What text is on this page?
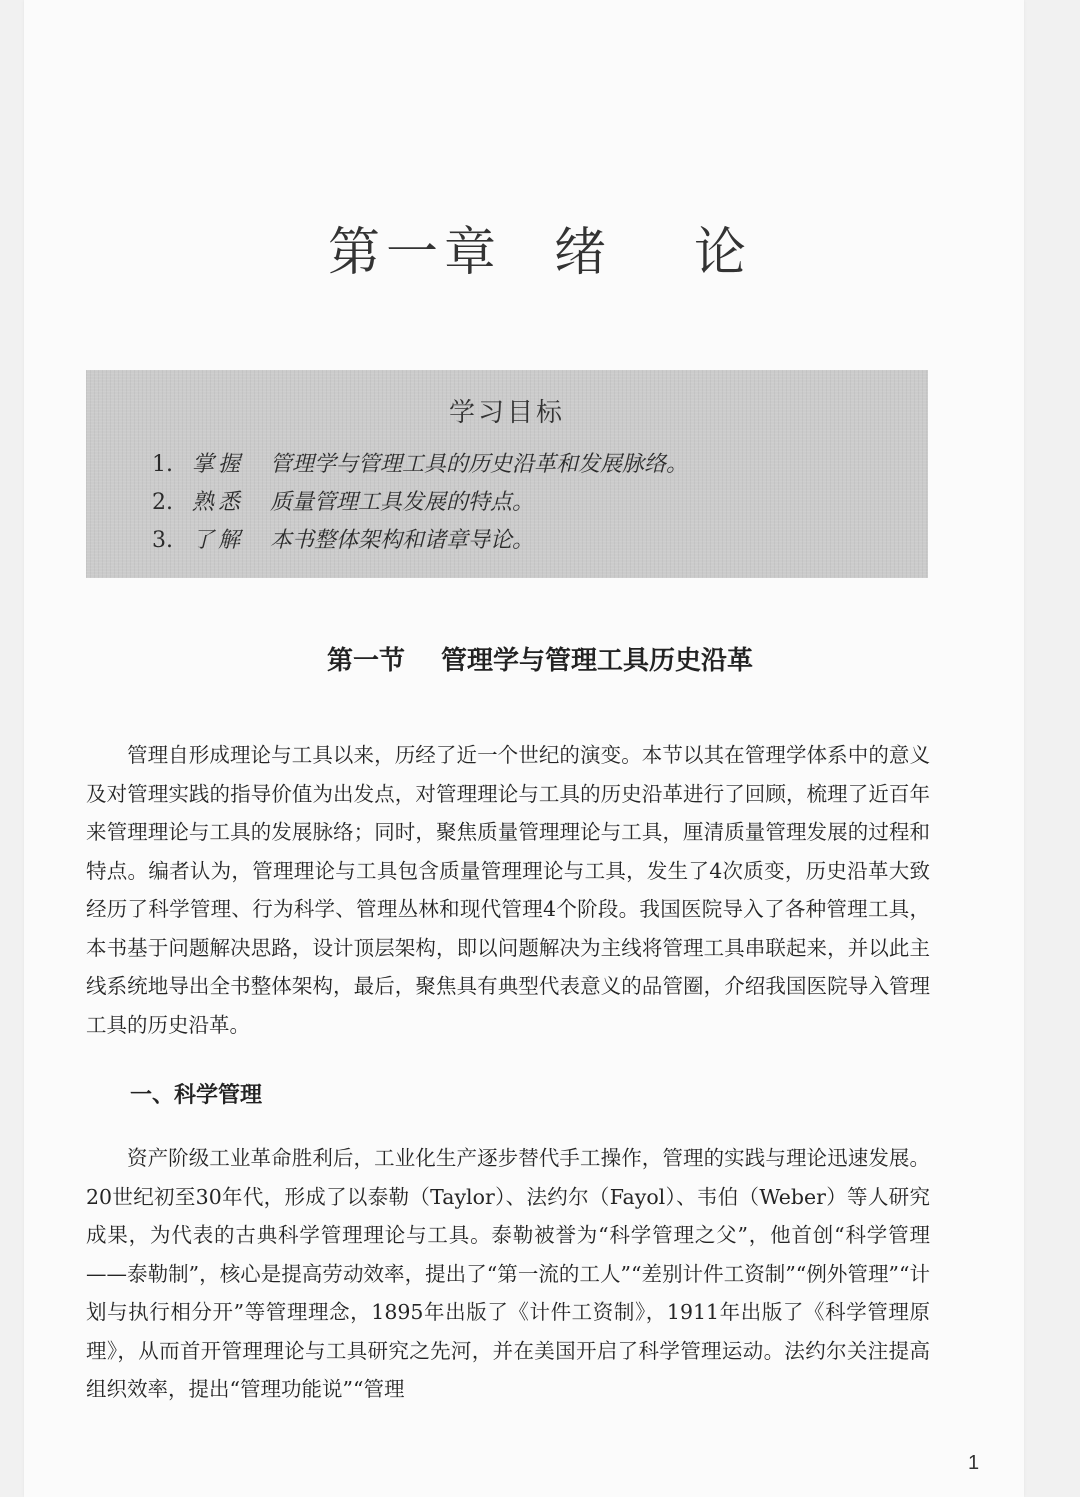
第一章 绪 论
学习目标
1. 掌握 管理学与管理工具的历史沿革和发展脉络。
2. 熟悉 质量管理工具发展的特点。
3. 了解 本书整体架构和诸章导论。
第一节 管理学与管理工具历史沿革

管理自形成理论与工具以来，历经了近一个世纪的演变。本节以其在管理学体系中的意义及对管理实践的指导价值为出发点，对管理理论与工具的历史沿革进行了回顾，梳理了近百年来管理理论与工具的发展脉络；同时，聚焦质量管理理论与工具，厘清质量管理发展的过程和特点。编者认为，管理理论与工具包含质量管理理论与工具，发生了4次质变，历史沿革大致经历了科学管理、行为科学、管理丛林和现代管理4个阶段。我国医院导入了各种管理工具，本书基于问题解决思路，设计顶层架构，即以问题解决为主线将管理工具串联起来，并以此主线系统地导出全书整体架构，最后，聚焦具有典型代表意义的品管圈，介绍我国医院导入管理工具的历史沿革。

一、科学管理

资产阶级工业革命胜利后，工业化生产逐步替代手工操作，管理的实践与理论迅速发展。20世纪初至30年代，形成了以泰勒（Taylor）、法约尔（Fayol）、韦伯（Weber）等人研究成果，为代表的古典科学管理理论与工具。泰勒被誉为“科学管理之父”，他首创“科学管理——泰勒制”，核心是提高劳动效率，提出了“第一流的工人”“差别计件工资制”“例外管理”“计划与执行相分开”等管理理念，1895年出版了《计件工资制》，1911年出版了《科学管理原理》，从而首开管理理论与工具研究之先河，并在美国开启了科学管理运动。法约尔关注提高组织效率，提出“管理功能说”“管理

1
